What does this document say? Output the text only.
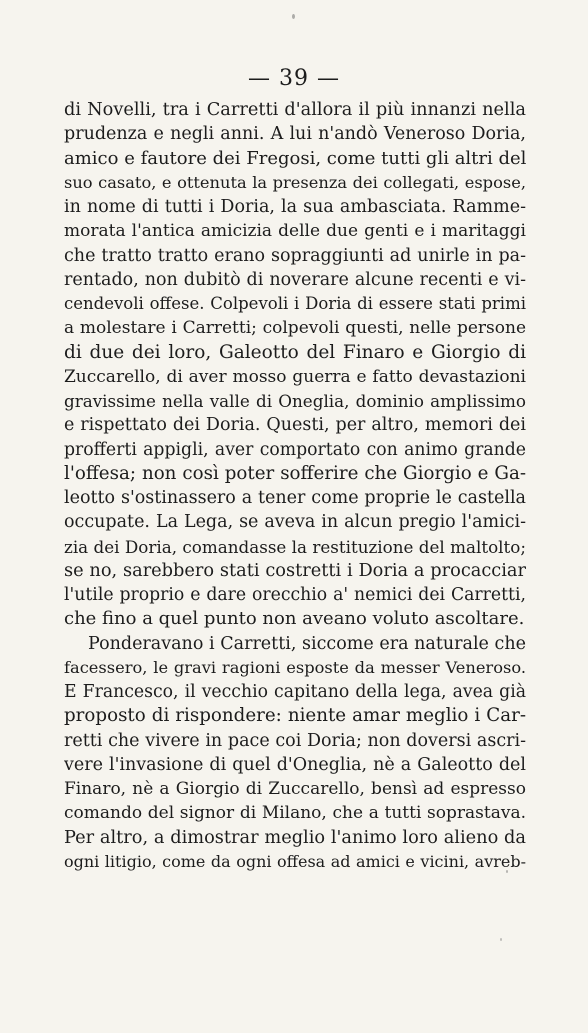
— 39 —
di Novelli, tra i Carretti d'allora il più innanzi nella
prudenza e negli anni. A lui n'andò Veneroso Doria,
amico e fautore dei Fregosi, come tutti gli altri del
suo casato, e ottenuta la presenza dei collegati, espose,
in nome di tutti i Doria, la sua ambasciata. Ramme-
morata l'antica amicizia delle due genti e i maritaggi
che tratto tratto erano sopraggiunti ad unirle in pa-
rentado, non dubitò di noverare alcune recenti e vi-
cendevoli offese. Colpevoli i Doria di essere stati primi
a molestare i Carretti; colpevoli questi, nelle persone
di due dei loro, Galeotto del Finaro e Giorgio di
Zuccarello, di aver mosso guerra e fatto devastazioni
gravissime nella valle di Oneglia, dominio amplissimo
e rispettato dei Doria. Questi, per altro, memori dei
profferti appigli, aver comportato con animo grande
l'offesa; non così poter sofferire che Giorgio e Ga-
leotto s'ostinassero a tener come proprie le castella
occupate. La Lega, se aveva in alcun pregio l'amici-
zia dei Doria, comandasse la restituzione del maltolto;
se no, sarebbero stati costretti i Doria a procacciar
l'utile proprio e dare orecchio a' nemici dei Carretti,
che fino a quel punto non aveano voluto ascoltare.
Ponderavano i Carretti, siccome era naturale che
facessero, le gravi ragioni esposte da messer Veneroso.
E Francesco, il vecchio capitano della lega, avea già
proposto di rispondere: niente amar meglio i Car-
retti che vivere in pace coi Doria; non doversi ascri-
vere l'invasione di quel d'Oneglia, nè a Galeotto del
Finaro, nè a Giorgio di Zuccarello, bensì ad espresso
comando del signor di Milano, che a tutti soprastava.
Per altro, a dimostrar meglio l'animo loro alieno da
ogni litigio, come da ogni offesa ad amici e vicini, avreb-
